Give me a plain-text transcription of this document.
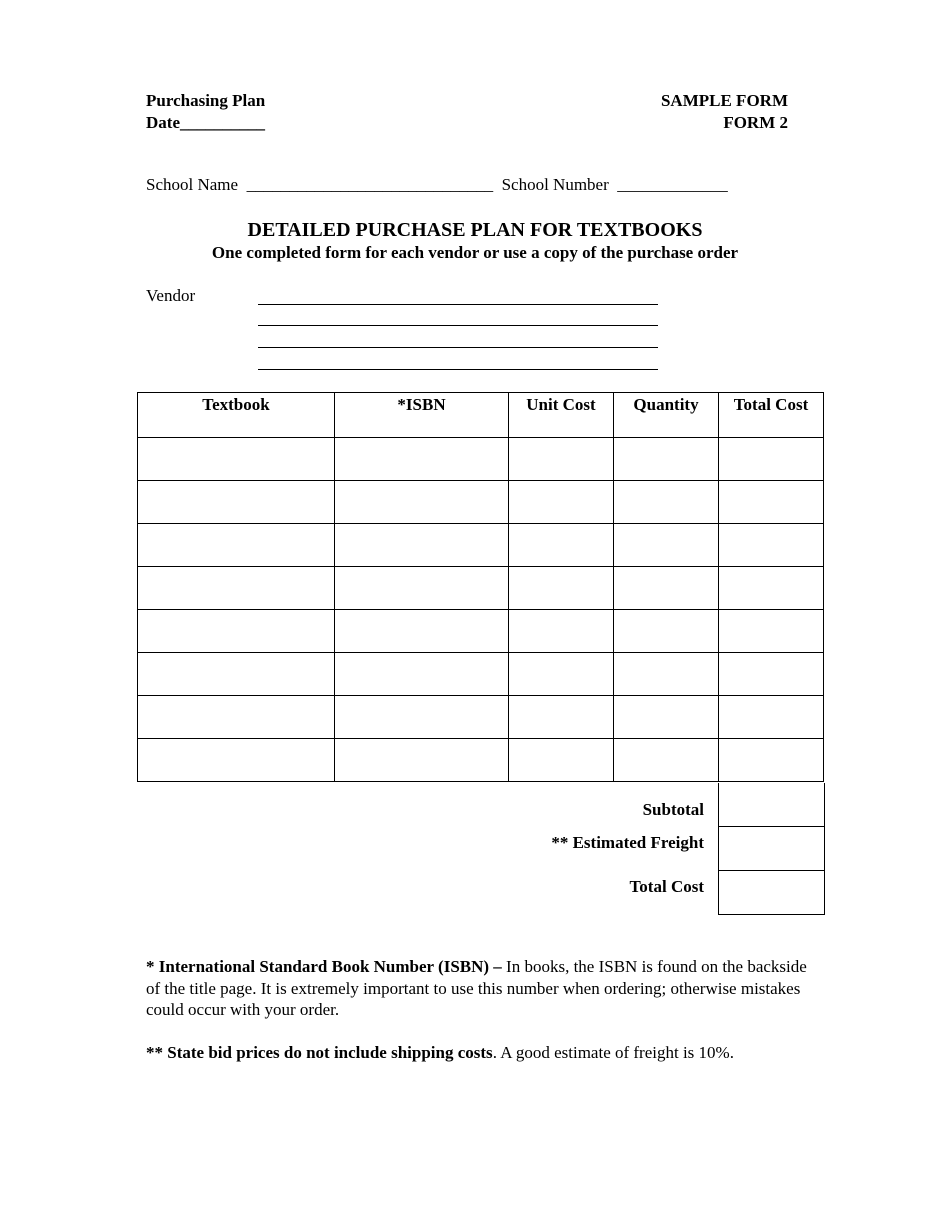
Purchasing Plan
Date__________
SAMPLE FORM
FORM 2
School Name _____________________________ School Number _____________
DETAILED PURCHASE PLAN FOR TEXTBOOKS
One completed form for each vendor or use a copy of the purchase order
Vendor
Textbook	*ISBN	Unit Cost	Quantity	Total Cost

Subtotal
** Estimated Freight
Total Cost

* International Standard Book Number (ISBN) – In books, the ISBN is found on the backside of the title page. It is extremely important to use this number when ordering; otherwise mistakes could occur with your order.

** State bid prices do not include shipping costs. A good estimate of freight is 10%.
